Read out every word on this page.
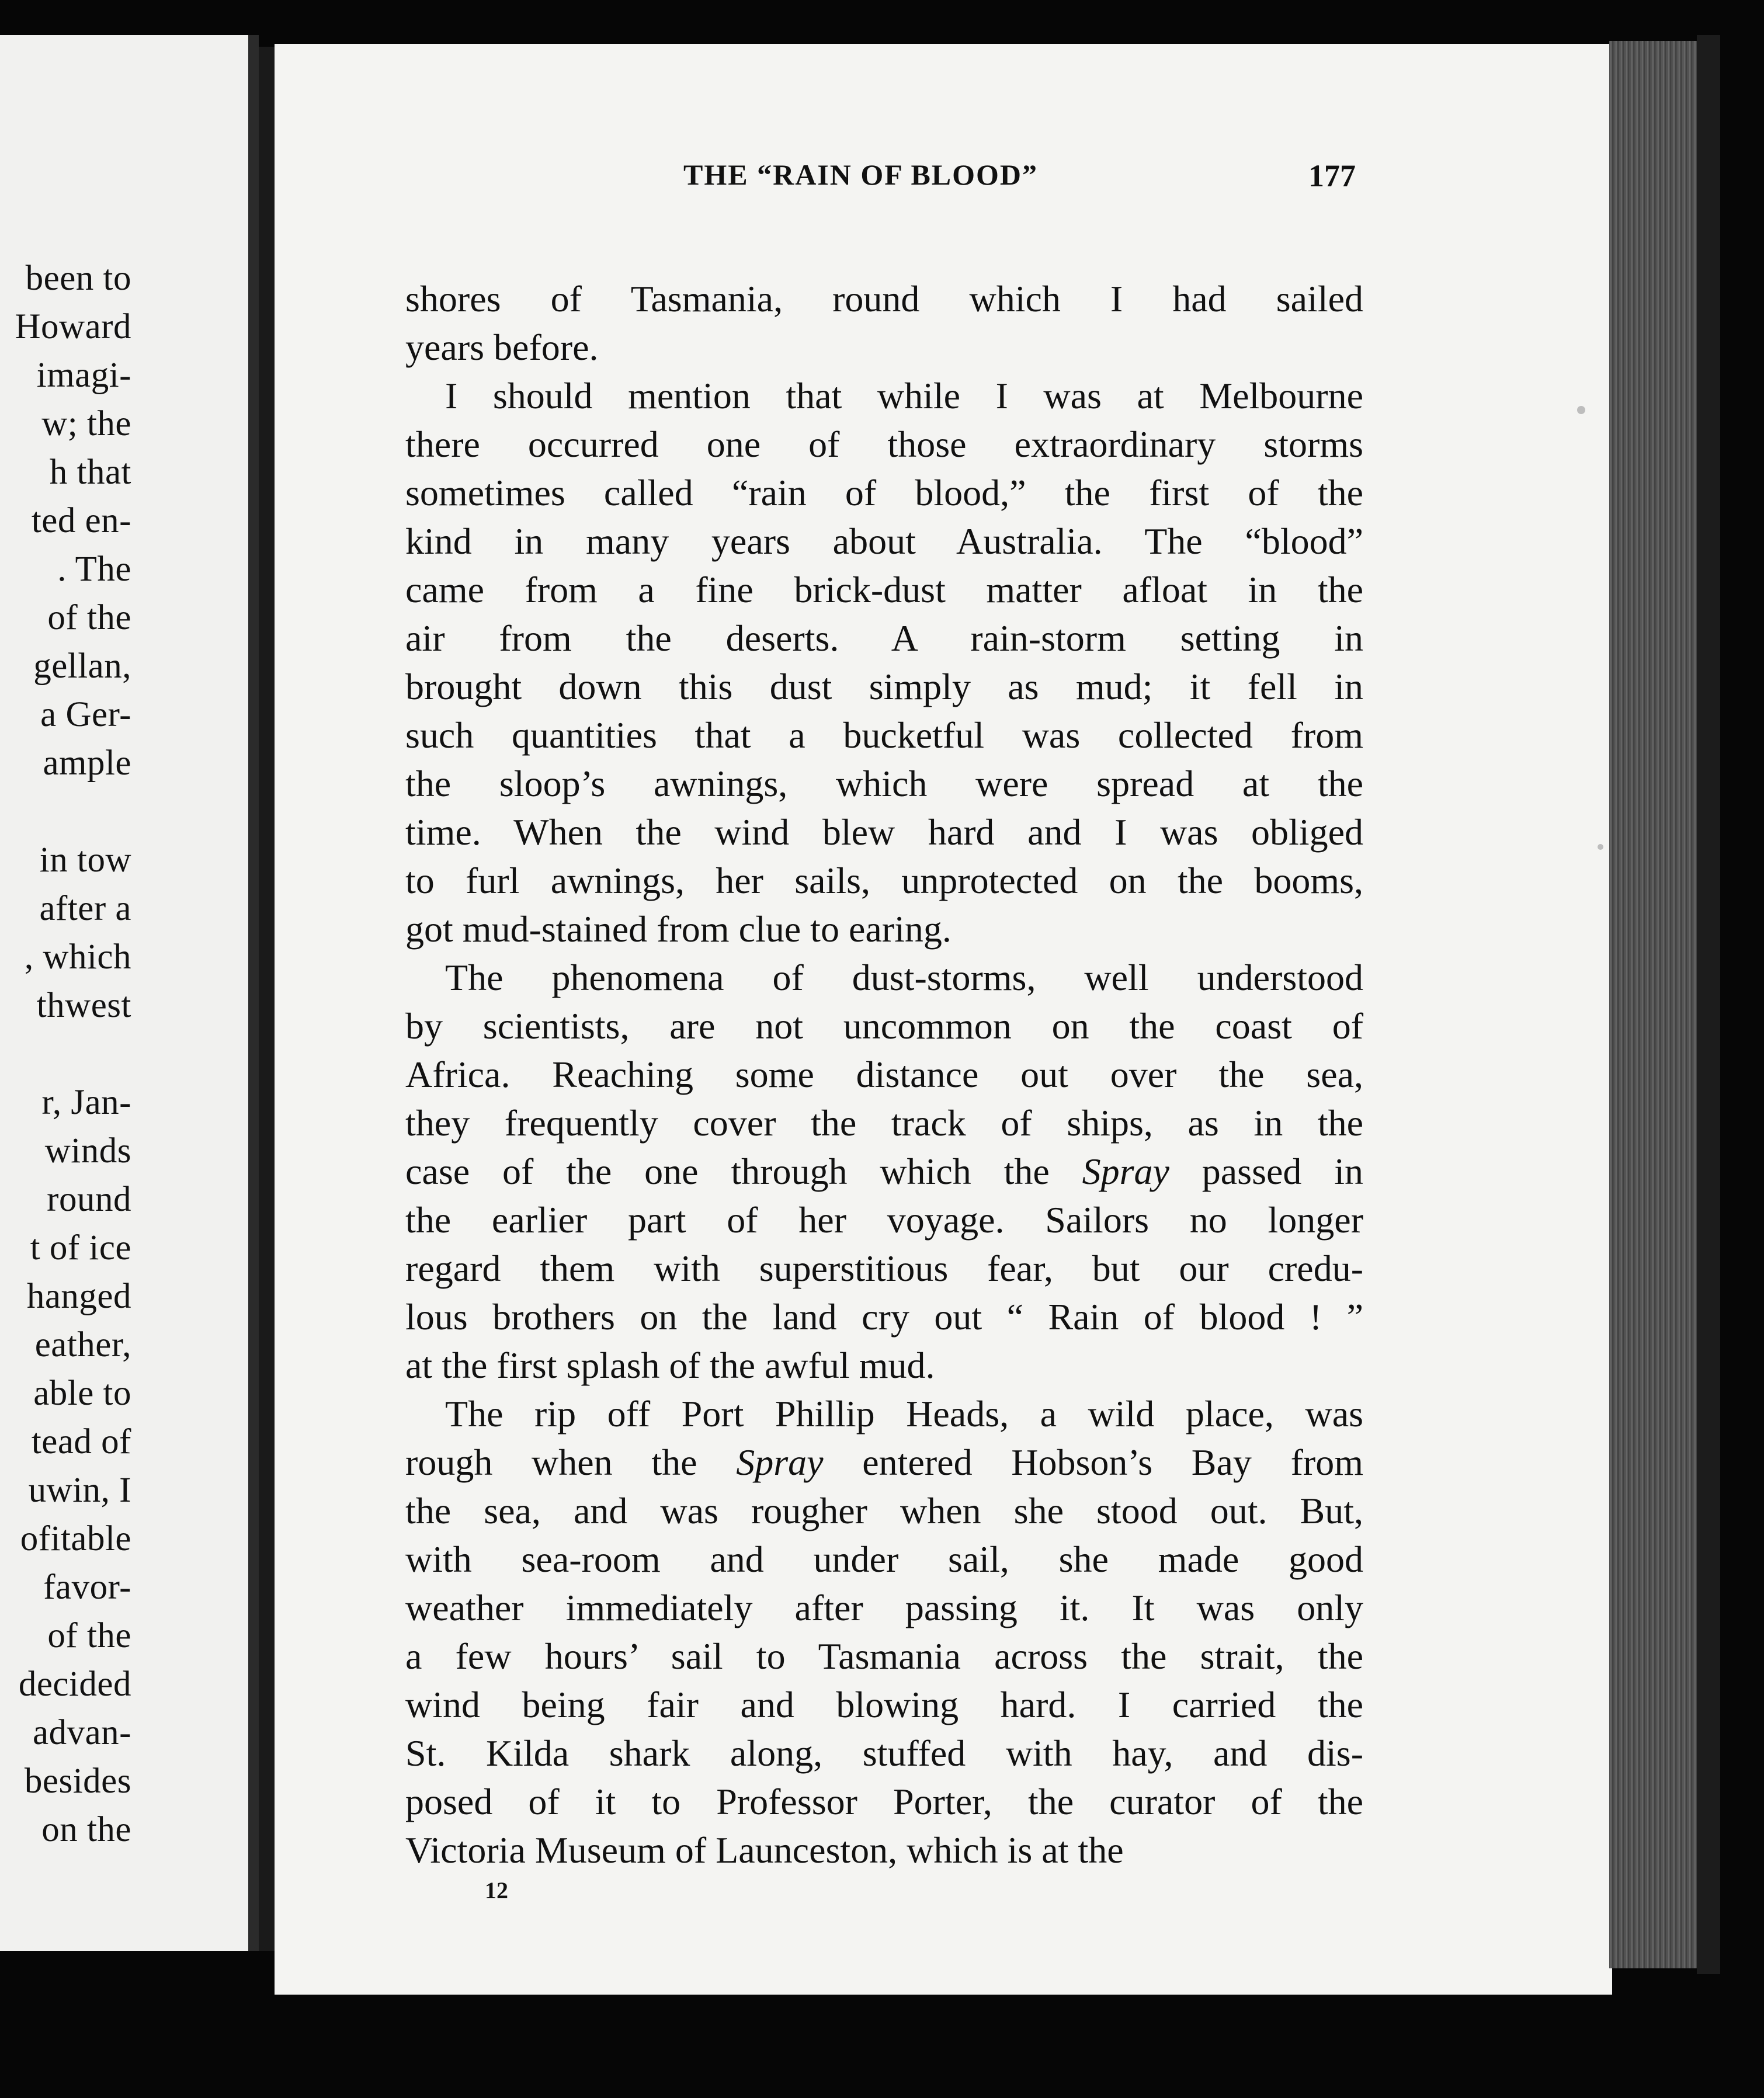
been to
Howard
imagi-
w; the
h that
ted en-
. The
of the
gellan,
a Ger-
ample
in tow
after a
, which
thwest
r, Jan-
winds
round
t of ice
hanged
eather,
able to
tead of
uwin, I
ofitable
favor-
of the
decided
advan-
besides
on the
THE “RAIN OF BLOOD”	177
shores of Tasmania, round which I had sailed
years before.
I should mention that while I was at Melbourne
there occurred one of those extraordinary storms
sometimes called “rain of blood,” the first of the
kind in many years about Australia. The “blood”
came from a fine brick-dust matter afloat in the
air from the deserts. A rain-storm setting in
brought down this dust simply as mud; it fell in
such quantities that a bucketful was collected from
the sloop’s awnings, which were spread at the
time. When the wind blew hard and I was obliged
to furl awnings, her sails, unprotected on the booms,
got mud-stained from clue to earing.
The phenomena of dust-storms, well understood
by scientists, are not uncommon on the coast of
Africa. Reaching some distance out over the sea,
they frequently cover the track of ships, as in the
case of the one through which the Spray passed in
the earlier part of her voyage. Sailors no longer
regard them with superstitious fear, but our credu-
lous brothers on the land cry out “ Rain of blood ! ”
at the first splash of the awful mud.
The rip off Port Phillip Heads, a wild place, was
rough when the Spray entered Hobson’s Bay from
the sea, and was rougher when she stood out. But,
with sea-room and under sail, she made good
weather immediately after passing it. It was only
a few hours’ sail to Tasmania across the strait, the
wind being fair and blowing hard. I carried the
St. Kilda shark along, stuffed with hay, and dis-
posed of it to Professor Porter, the curator of the
Victoria Museum of Launceston, which is at the
12
